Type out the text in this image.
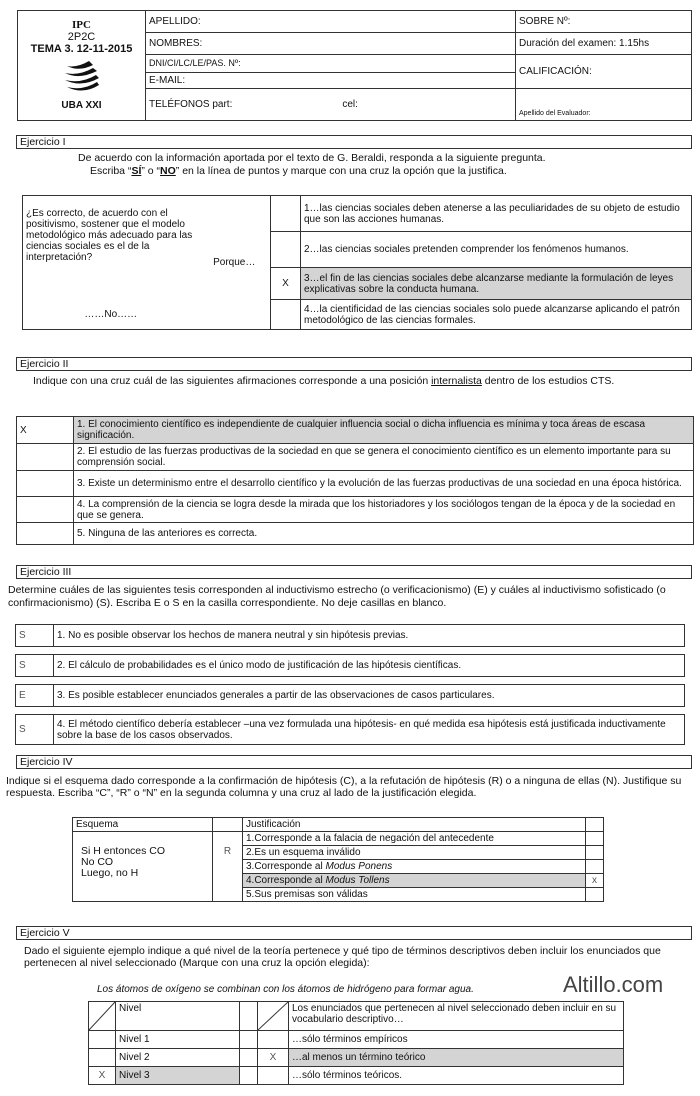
IPC
2P2C
TEMA 3. 12-11-2015
UBA XXI	APELLIDO:	SOBRE Nº:
	NOMBRES:	Duración del examen: 1.15hs
	DNI/CI/LC/LE/PAS. Nº:	CALIFICACIÓN:
	E-MAIL:	
	TELÉFONOS part: cel:	Apellido del Evaluador:
Ejercicio I
De acuerdo con la información aportada por el texto de G. Beraldi, responda a la siguiente pregunta.
Escriba “SÍ” o “NO” en la línea de puntos y marque con una cruz la opción que la justifica.
¿Es correcto, de acuerdo con el positivismo, sostener que el modelo metodológico más adecuado para las ciencias sociales es el de la interpretación?	Porque…		1…las ciencias sociales deben atenerse a las peculiaridades de su objeto de estudio que son las acciones humanas.
			2…las ciencias sociales pretenden comprender los fenómenos humanos.
		X	3…el fin de las ciencias sociales debe alcanzarse mediante la formulación de leyes explicativas sobre la conducta humana.
……No……			4…la cientificidad de las ciencias sociales solo puede alcanzarse aplicando el patrón metodológico de las ciencias formales.
Ejercicio II
Indique con una cruz cuál de las siguientes afirmaciones corresponde a una posición internalista dentro de los estudios CTS.
X	1. El conocimiento científico es independiente de cualquier influencia social o dicha influencia es mínima y toca áreas de escasa significación.
	2. El estudio de las fuerzas productivas de la sociedad en que se genera el conocimiento científico es un elemento importante para su comprensión social.
	3. Existe un determinismo entre el desarrollo científico y la evolución de las fuerzas productivas de una sociedad en una época histórica.
	4. La comprensión de la ciencia se logra desde la mirada que los historiadores y los sociólogos tengan de la época y de la sociedad en que se genera.
	5. Ninguna de las anteriores es correcta.
Ejercicio III
Determine cuáles de las siguientes tesis corresponden al inductivismo estrecho (o verificacionismo) (E) y cuáles al inductivismo sofisticado (o confirmacionismo) (S). Escriba E o S en la casilla correspondiente. No deje casillas en blanco.
S	1. No es posible observar los hechos de manera neutral y sin hipótesis previas.

S	2. El cálculo de probabilidades es el único modo de justificación de las hipótesis científicas.

E	3. Es posible establecer enunciados generales a partir de las observaciones de casos particulares.

S	4. El método científico debería establecer –una vez formulada una hipótesis- en qué medida esa hipótesis está justificada inductivamente sobre la base de los casos observados.
Ejercicio IV
Indique si el esquema dado corresponde a la confirmación de hipótesis (C), a la refutación de hipótesis (R) o a ninguna de ellas (N). Justifique su respuesta. Escriba “C”, “R” o “N” en la segunda columna y una cruz al lado de la justificación elegida.
Esquema		Justificación	

Si H entonces CO
No CO
Luego, no H	R	1.Corresponde a la falacia de negación del antecedente	
		2.Es un esquema inválido	
		3.Corresponde al Modus Ponens	
		4.Corresponde al Modus Tollens	x
		5.Sus premisas son válidas	
Ejercicio V
Dado el siguiente ejemplo indique a qué nivel de la teoría pertenece y qué tipo de términos descriptivos deben incluir los enunciados que pertenecen al nivel seleccionado (Marque con una cruz la opción elegida):
Los átomos de oxígeno se combinan con los átomos de hidrógeno para formar agua.	Altillo.com
	Nivel			Los enunciados que pertenecen al nivel seleccionado deben incluir en su vocabulario descriptivo…
	Nivel 1			…sólo términos empíricos
	Nivel 2		X	…al menos un término teórico
X	Nivel 3			…sólo términos teóricos.
